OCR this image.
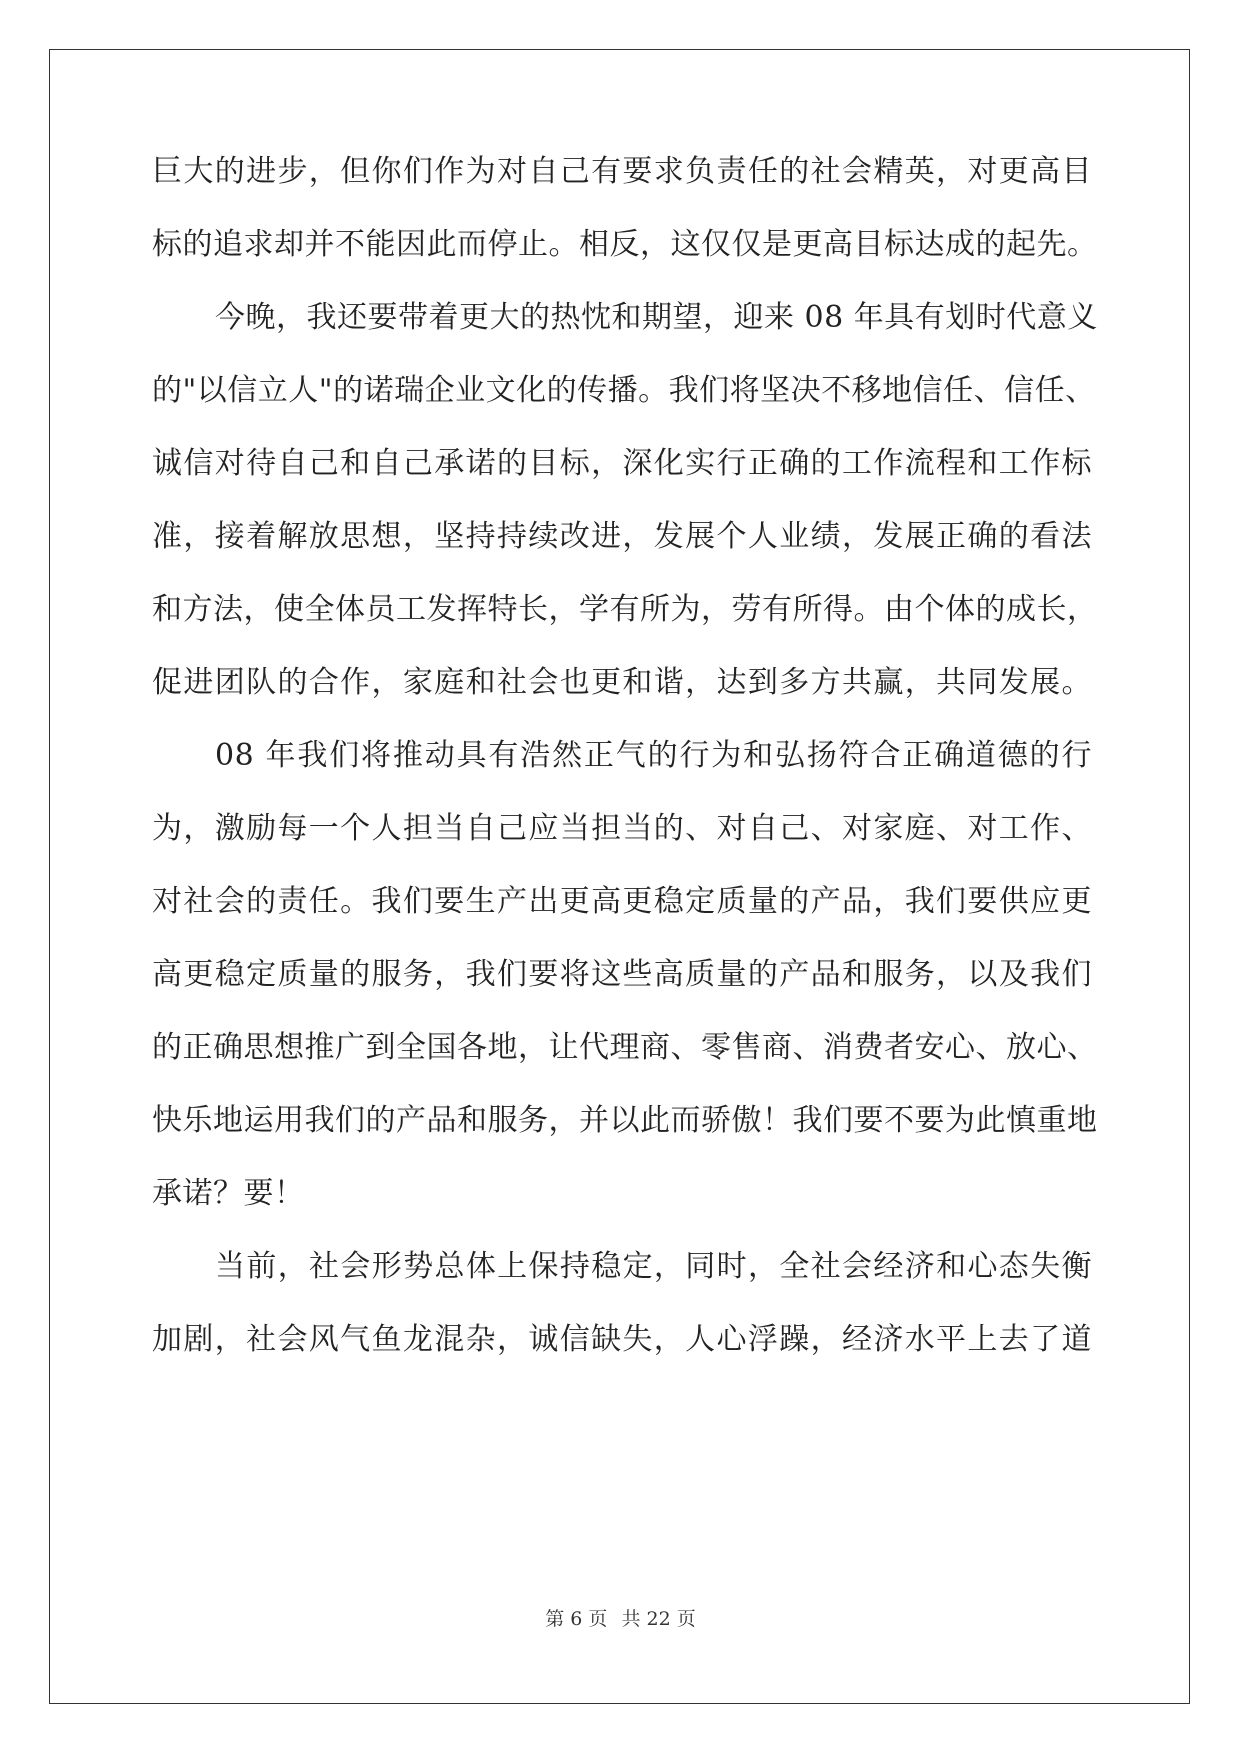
巨大的进步，但你们作为对自己有要求负责任的社会精英，对更高目
标的追求却并不能因此而停止。相反，这仅仅是更高目标达成的起先。
今晚，我还要带着更大的热忱和期望，迎来 08 年具有划时代意义
的"以信立人"的诺瑞企业文化的传播。我们将坚决不移地信任、信任、
诚信对待自己和自己承诺的目标，深化实行正确的工作流程和工作标
准，接着解放思想，坚持持续改进，发展个人业绩，发展正确的看法
和方法，使全体员工发挥特长，学有所为，劳有所得。由个体的成长，
促进团队的合作，家庭和社会也更和谐，达到多方共赢，共同发展。
08 年我们将推动具有浩然正气的行为和弘扬符合正确道德的行
为，激励每一个人担当自己应当担当的、对自己、对家庭、对工作、
对社会的责任。我们要生产出更高更稳定质量的产品，我们要供应更
高更稳定质量的服务，我们要将这些高质量的产品和服务，以及我们
的正确思想推广到全国各地，让代理商、零售商、消费者安心、放心、
快乐地运用我们的产品和服务，并以此而骄傲！我们要不要为此慎重地
承诺？要！
当前，社会形势总体上保持稳定，同时，全社会经济和心态失衡
加剧，社会风气鱼龙混杂，诚信缺失，人心浮躁，经济水平上去了道
第 6 页 共 22 页
